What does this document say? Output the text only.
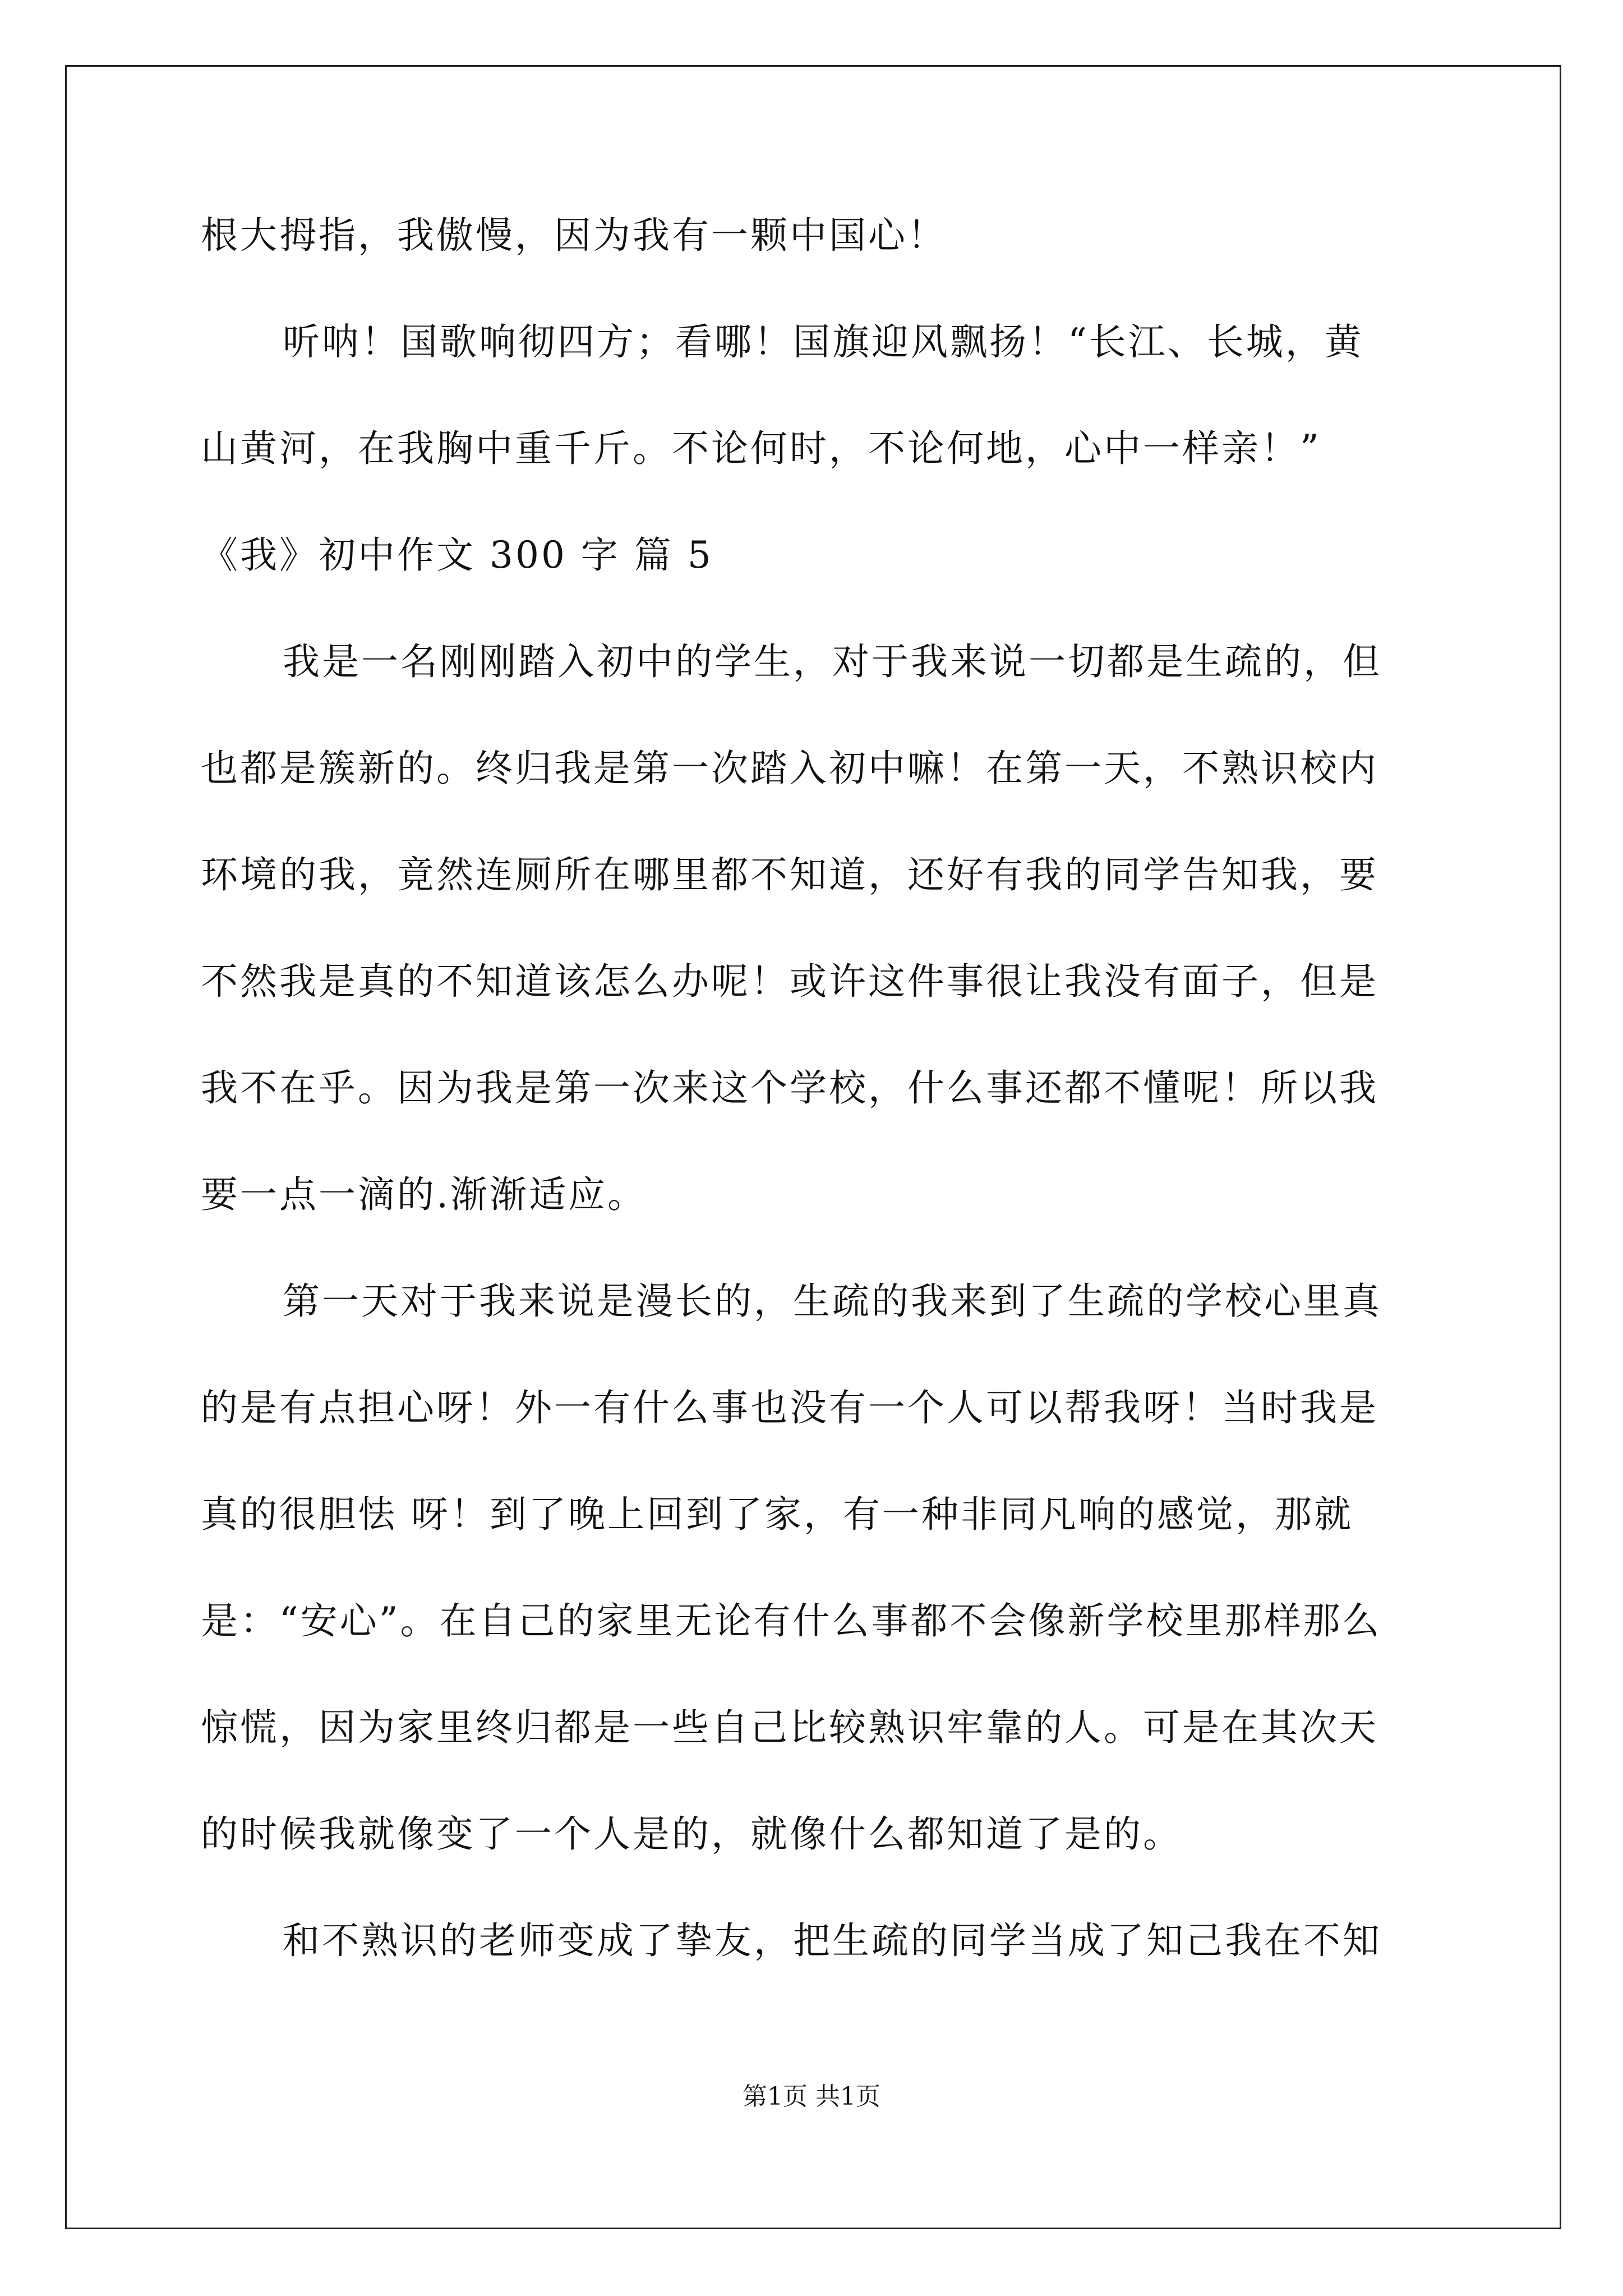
根大拇指，我傲慢，因为我有一颗中国心！
听呐！国歌响彻四方；看哪！国旗迎风飘扬！“长江、长城，黄
山黄河，在我胸中重千斤。不论何时，不论何地，心中一样亲！”
《我》初中作文 300 字 篇 5
我是一名刚刚踏入初中的学生，对于我来说一切都是生疏的，但
也都是簇新的。终归我是第一次踏入初中嘛！在第一天，不熟识校内
环境的我，竟然连厕所在哪里都不知道，还好有我的同学告知我，要
不然我是真的不知道该怎么办呢！或许这件事很让我没有面子，但是
我不在乎。因为我是第一次来这个学校，什么事还都不懂呢！所以我
要一点一滴的.渐渐适应。
第一天对于我来说是漫长的，生疏的我来到了生疏的学校心里真
的是有点担心呀！外一有什么事也没有一个人可以帮我呀！当时我是
真的很胆怯 呀！到了晚上回到了家，有一种非同凡响的感觉，那就
是：“安心”。在自己的家里无论有什么事都不会像新学校里那样那么
惊慌，因为家里终归都是一些自己比较熟识牢靠的人。可是在其次天
的时候我就像变了一个人是的，就像什么都知道了是的。
和不熟识的老师变成了挚友，把生疏的同学当成了知己我在不知
第1页 共1页
